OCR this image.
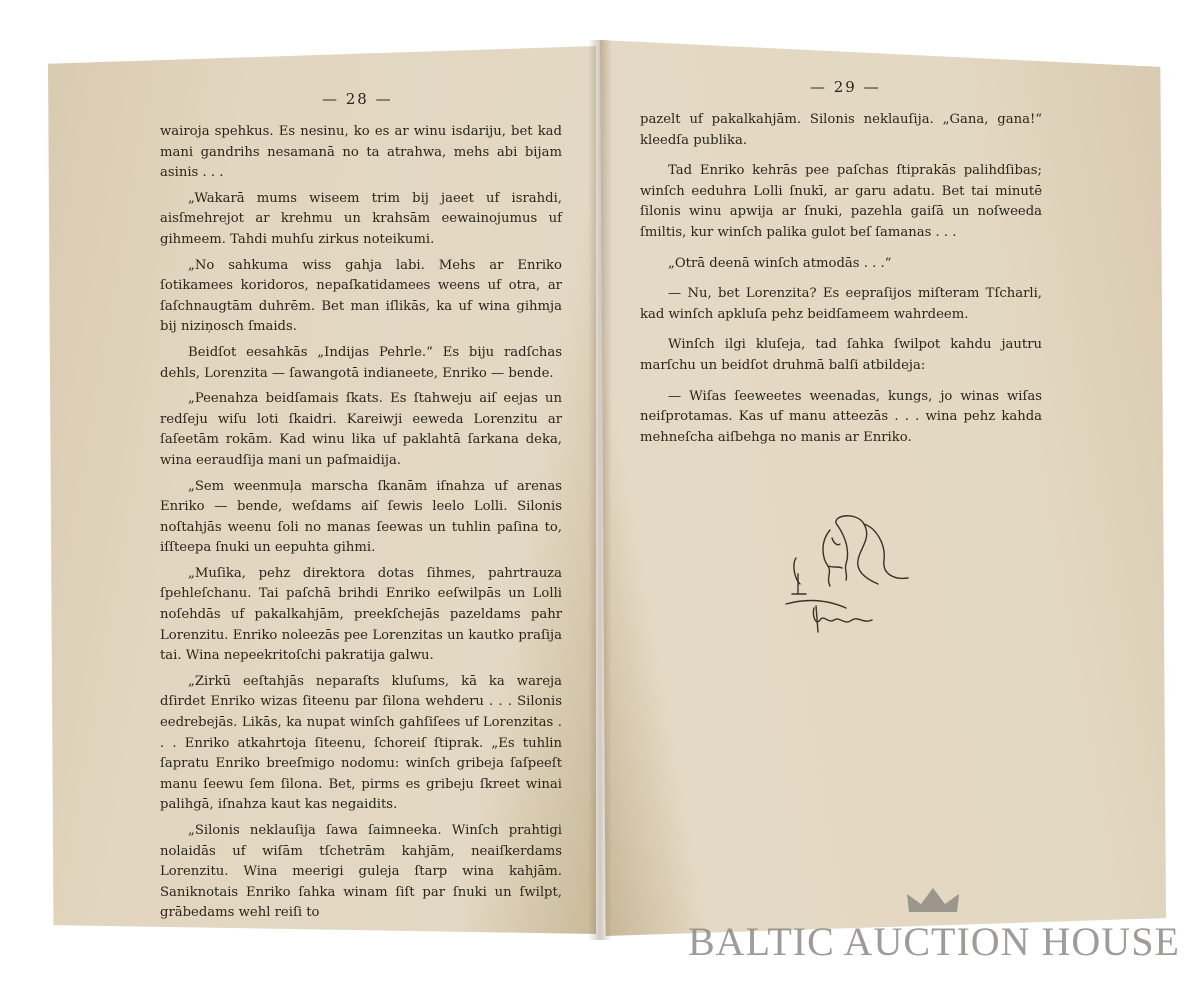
— 28 —
— 29 —

wairoja spehkus. Es nesinu, ko es ar winu isdariju, bet kad mani gandrihs nesamanā no ta atrahwa, mehs abi bijam asinis . . .

„Wakarā mums wiseem trim bij jaeet uf israhdi, aisſmehrejot ar krehmu un krahsām eewainojumus uf gihmeem. Tahdi muhſu zirkus noteikumi.

„No sahkuma wiss gahja labi. Mehs ar Enriko ſotikamees koridoros, nepaſkatidamees weens uf otra, ar ſaſchnaugtām duhrēm. Bet man iſlikās, ka uf wina gihmja bij niziņosch ſmaids.

Beidſot eesahkās „Indijas Pehrle.“ Es biju radſchas dehls, Lorenzita — ſawangotā indianeete, Enriko — bende.

„Peenahza beidſamais ſkats. Es ſtahweju aiſ eejas un redſeju wiſu loti ſkaidri. Kareiwji eeweda Lorenzitu ar ſaſeetām rokām. Kad winu lika uf paklahtā ſarkana deka, wina eeraudſija mani un paſmaidija.

„Sem weenmuļa marscha ſkanām iſnahza uf arenas Enriko — bende, weſdams aiſ ſewis leelo Lolli. Silonis noſtahjās weenu ſoli no manas ſeewas un tuhlin paſina to, iſſteepa ſnuki un eepuhta gihmi.

„Muſika, pehz direktora dotas ſihmes, pahrtrauza ſpehleſchanu. Tai paſchā brihdi Enriko eeſwilpās un Lolli noſehdās uf pakalkahjām, preekſchejās pazeldams pahr Lorenzitu. Enriko noleezās pee Lorenzitas un kautko praſija tai. Wina nepeekritoſchi pakratija galwu.

„Zirkū eeſtahjās neparaſts kluſums, kā ka wareja dſirdet Enriko wizas ſiteenu par ſilona wehderu . . . Silonis eedrebejās. Likās, ka nupat winſch gahſiſees uf Lorenzitas . . . Enriko atkahrtoja ſiteenu, ſchoreiſ ſtiprak. „Es tuhlin ſapratu Enriko breeſmigo nodomu: winſch gribeja ſaſpeeſt manu ſeewu ſem ſilona. Bet, pirms es gribeju ſkreet winai palihgā, iſnahza kaut kas negaidits.

„Silonis neklauſija ſawa ſaimneeka. Winſch prahtigi nolaidās uf wiſām tſchetrām kahjām, neaiſkerdams Lorenzitu. Wina meerigi guleja ſtarp wina kahjām. Saniknotais Enriko ſahka winam ſiſt par ſnuki un ſwilpt, grābedams wehl reiſi to

pazelt uf pakalkahjām. Silonis neklauſija. „Gana, gana!“ kleedſa publika.

Tad Enriko kehrās pee paſchas ſtiprakās palihdſibas; winſch eeduhra Lolli ſnukī, ar garu adatu. Bet tai minutē ſilonis winu apwija ar ſnuki, pazehla gaiſā un noſweeda ſmiltis, kur winſch palika gulot beſ ſamanas . . .

„Otrā deenā winſch atmodās . . .“

— Nu, bet Lorenzita? Es eepraſijos miſteram Tſcharli, kad winſch apkluſa pehz beidſameem wahrdeem.

Winſch ilgi kluſeja, tad ſahka ſwilpot kahdu jautru marſchu un beidſot druhmā balſi atbildeja:

— Wiſas ſeeweetes weenadas, kungs, jo winas wiſas neiſprotamas. Kas uf manu atteezās . . . wina pehz kahda mehneſcha aiſbehga no manis ar Enriko.

BALTIC AUCTION HOUSE
